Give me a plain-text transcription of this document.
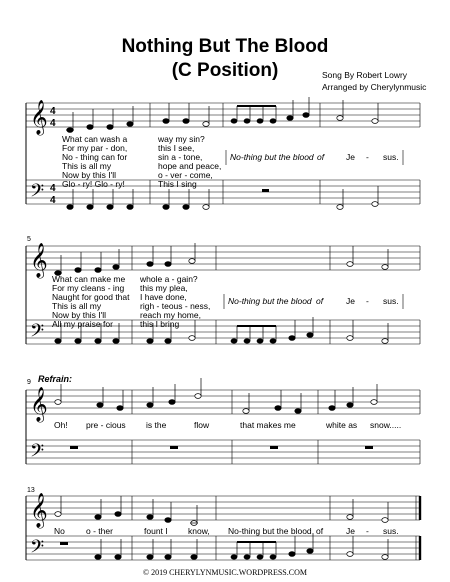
Nothing But The Blood
(C Position)	Song By Robert Lowry
Arranged by Cherylynmusic
𝄞
𝄢
4
4
4
4
What can wash a	way my sin?
For my par - don,	this I see,
No - thing can for	sin a - tone,
This is all my	hope and peace,
Now by this I'll	o - ver - come,
Glo - ry! Glo - ry!	This I sing
No-thing but the blood of	Je - sus.
5
𝄞
𝄢
What can make me whole a - gain?
For my cleans - ing this my plea,
Naught for good that I have done,
This is all my	righ - teous - ness,
Now by this I'll	reach my home,
All my praise for	this I bring
No-thing but the blood of	Je - sus.
9 Refrain:
𝄞
𝄢
Oh! pre - cious is the	flow	that makes me	white as snow.....
13
𝄞
𝄢
No o - ther	fount I know, No-thing but the blood of	Je - sus.
© 2019 CHERYLYNMUSIC.WORDPRESS.COM
